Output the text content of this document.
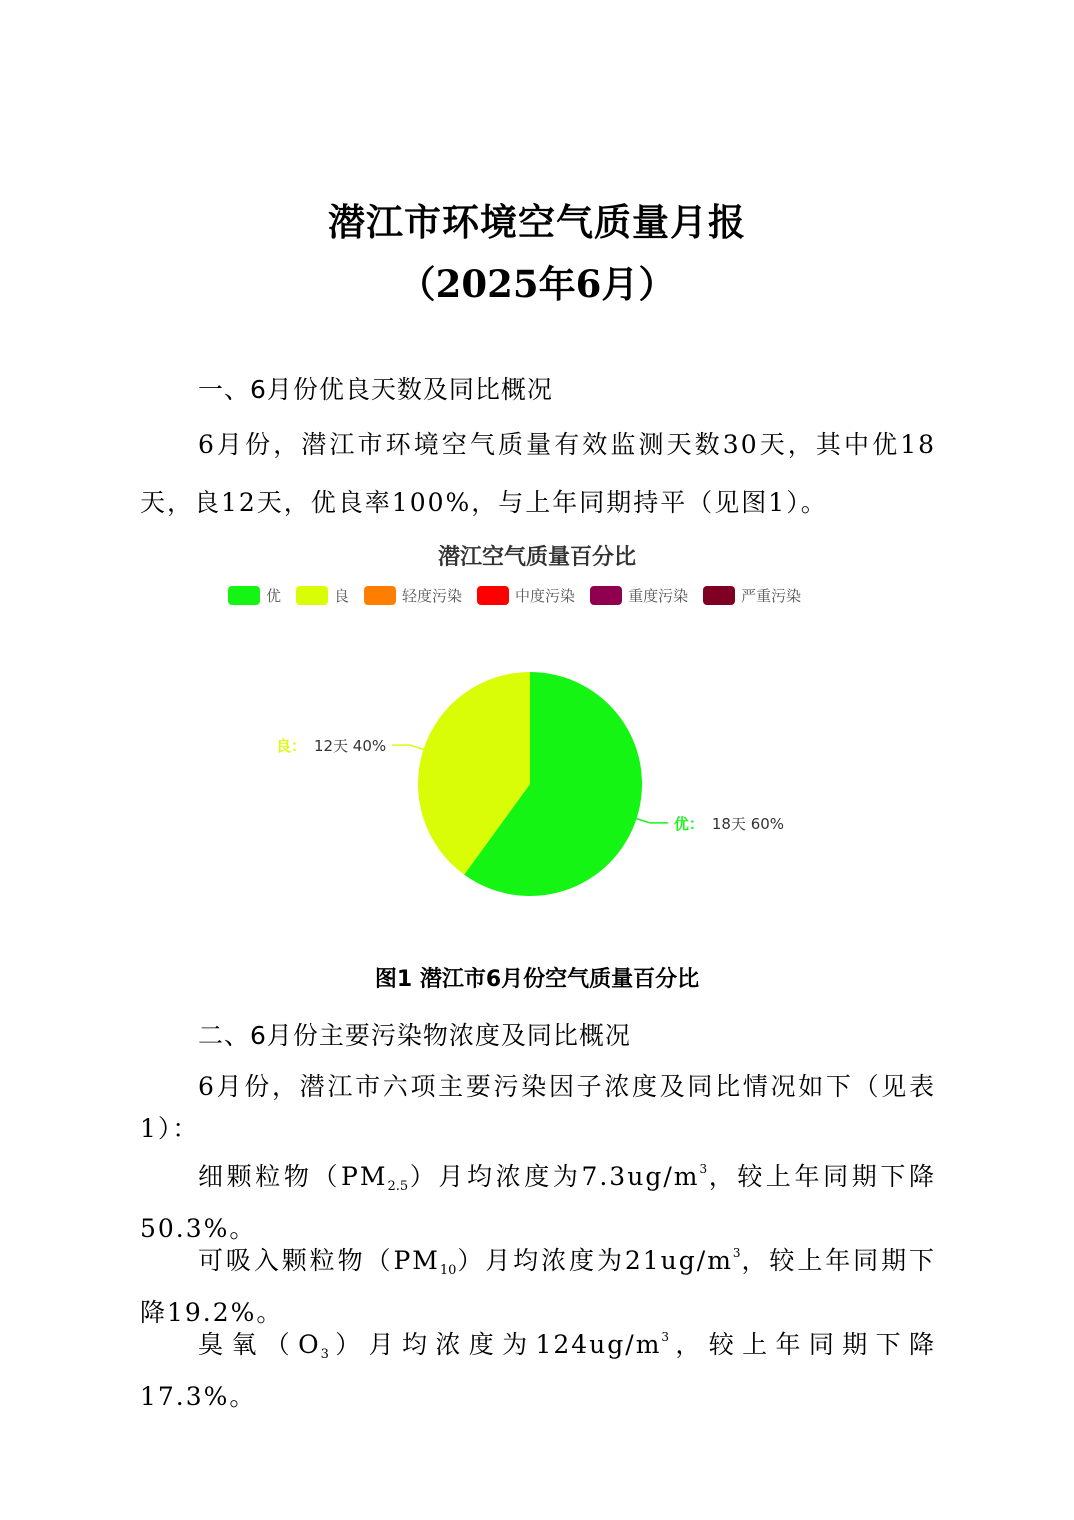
潜江市环境空气质量月报
（2025年6月）
一、6月份优良天数及同比概况
6月份，潜江市环境空气质量有效监测天数30天，其中优18天，良12天，优良率100%，与上年同期持平（见图1）。
潜江空气质量百分比
优	良	轻度污染	中度污染	重度污染	严重污染
优： 18天 60%
良： 12天 40%
图1 潜江市6月份空气质量百分比
二、6月份主要污染物浓度及同比概况
6月份，潜江市六项主要污染因子浓度及同比情况如下（见表1）：
细颗粒物$(PM_{2.5})$月均浓度为$7.3ug/m^3$，较上年同期下降50.3%。
可吸入颗粒物$(PM_{10})$月均浓度为$21ug/m^3$，较上年同期下降19.2%。
臭氧$(O_3)$月均浓度为$124ug/m^3$，较上年同期下降17.3%。
